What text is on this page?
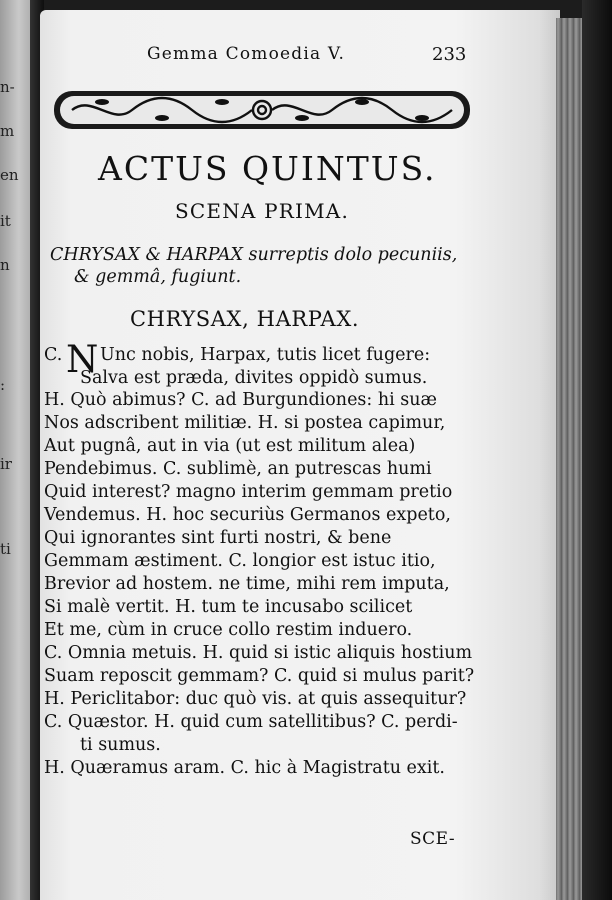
n-
m
en
it
n
:
ir
ti
Gemma Comoedia V.	233
ACTUS QUINTUS.
SCENA PRIMA.
CHRYSAX & HARPAX surreptis dolo pecuniis,
& gemmâ, fugiunt.
CHRYSAX, HARPAX.
C. N Unc nobis, Harpax, tutis licet fugere:
Salva est præda, divites oppidò sumus.
H. Quò abimus? C. ad Burgundiones: hi suæ
Nos adscribent militiæ. H. si postea capimur,
Aut pugnâ, aut in via (ut est militum alea)
Pendebimus. C. sublimè, an putrescas humi
Quid interest? magno interim gemmam pretio
Vendemus. H. hoc securiùs Germanos expeto,
Qui ignorantes sint furti nostri, & bene
Gemmam æstiment. C. longior est istuc itio,
Brevior ad hostem. ne time, mihi rem imputa,
Si malè vertit. H. tum te incusabo scilicet
Et me, cùm in cruce collo restim induero.
C. Omnia metuis. H. quid si istic aliquis hostium
Suam reposcit gemmam? C. quid si mulus parit?
H. Periclitabor: duc quò vis. at quis assequitur?
C. Quæstor. H. quid cum satellitibus? C. perdi-
ti sumus.
H. Quæramus aram. C. hic à Magistratu exit.
SCE-
